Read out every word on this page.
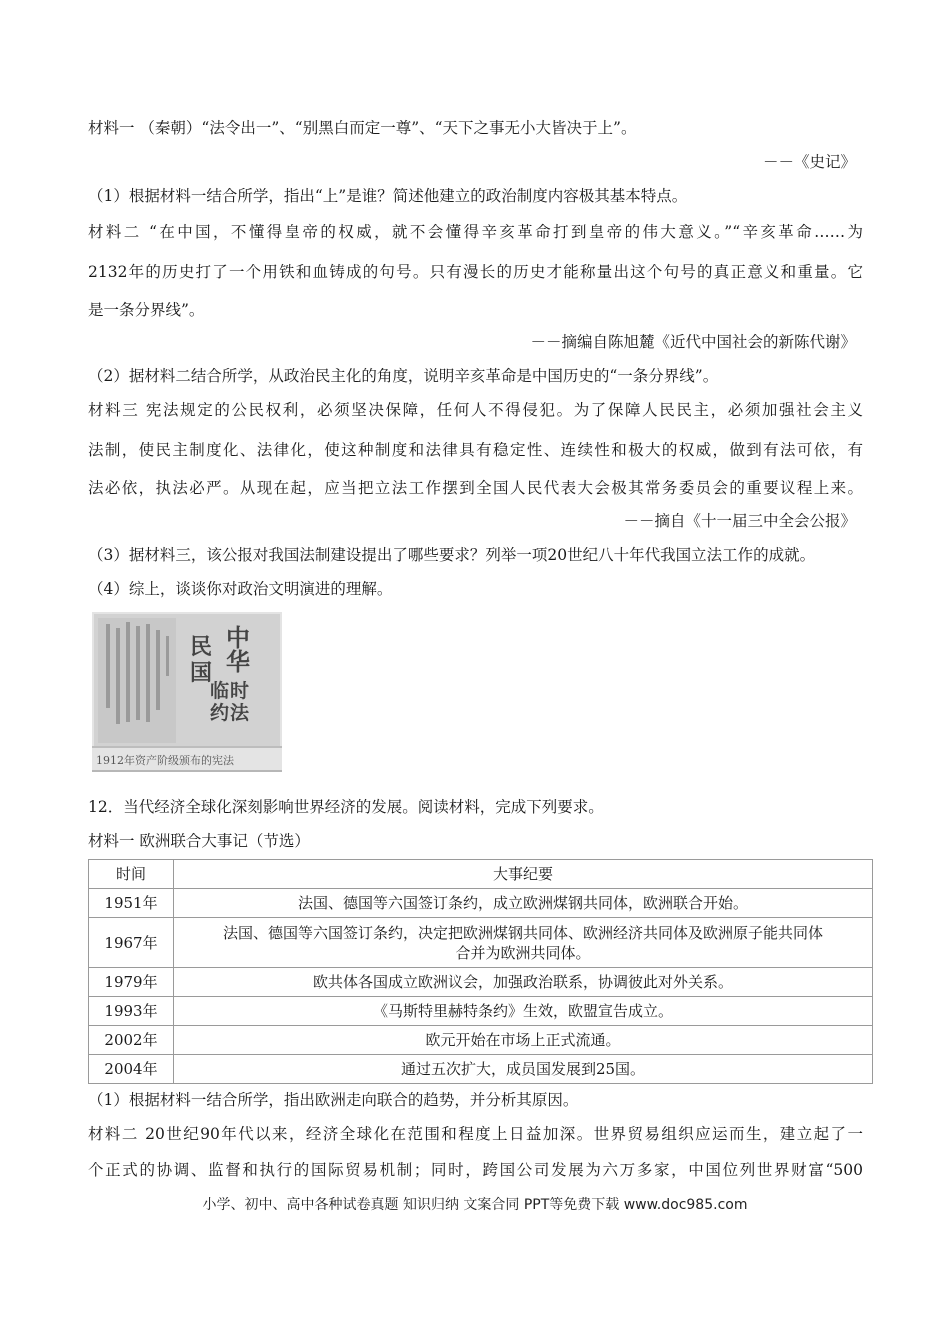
材料一 （秦朝）“法令出一”、“别黑白而定一尊”、“天下之事无小大皆决于上”。
－－《史记》
（1）根据材料一结合所学，指出“上”是谁？简述他建立的政治制度内容极其基本特点。
材料二 “在中国，不懂得皇帝的权威，就不会懂得辛亥革命打到皇帝的伟大意义。”“辛亥革命……为
2132年的历史打了一个用铁和血铸成的句号。只有漫长的历史才能称量出这个句号的真正意义和重量。它
是一条分界线”。
－－摘编自陈旭麓《近代中国社会的新陈代谢》
（2）据材料二结合所学，从政治民主化的角度，说明辛亥革命是中国历史的“一条分界线”。
材料三 宪法规定的公民权利，必须坚决保障，任何人不得侵犯。为了保障人民民主，必须加强社会主义
法制，使民主制度化、法律化，使这种制度和法律具有稳定性、连续性和极大的权威，做到有法可依，有
法必依，执法必严。从现在起，应当把立法工作摆到全国人民代表大会极其常务委员会的重要议程上来。
－－摘自《十一届三中全会公报》
（3）据材料三，该公报对我国法制建设提出了哪些要求？列举一项20世纪八十年代我国立法工作的成就。
（4）综上，谈谈你对政治文明演进的理解。
中
华
民
国
临时
约法
1912年资产阶级颁布的宪法
12．当代经济全球化深刻影响世界经济的发展。阅读材料，完成下列要求。
材料一 欧洲联合大事记（节选）
时间	大事纪要
1951年	法国、德国等六国签订条约，成立欧洲煤钢共同体，欧洲联合开始。
1967年	法国、德国等六国签订条约，决定把欧洲煤钢共同体、欧洲经济共同体及欧洲原子能共同体
合并为欧洲共同体。
1979年	欧共体各国成立欧洲议会，加强政治联系，协调彼此对外关系。
1993年	《马斯特里赫特条约》生效，欧盟宣告成立。
2002年	欧元开始在市场上正式流通。
2004年	通过五次扩大，成员国发展到25国。
（1）根据材料一结合所学，指出欧洲走向联合的趋势，并分析其原因。
材料二 20世纪90年代以来，经济全球化在范围和程度上日益加深。世界贸易组织应运而生，建立起了一
个正式的协调、监督和执行的国际贸易机制；同时，跨国公司发展为六万多家，中国位列世界财富“500
小学、初中、高中各种试卷真题 知识归纳 文案合同 PPT等免费下载 www.doc985.com
